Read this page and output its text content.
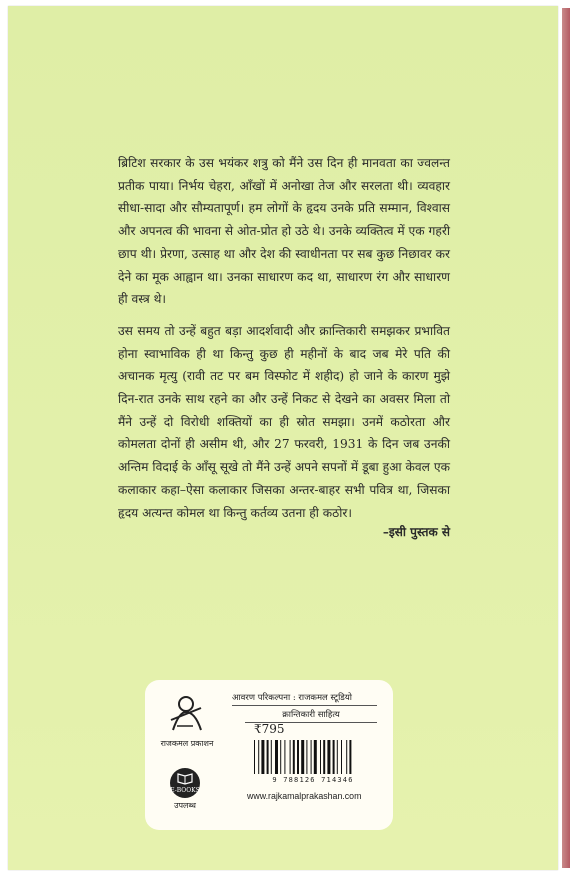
ब्रिटिश सरकार के उस भयंकर शत्रु को मैंने उस दिन ही मानवता का ज्वलन्त प्रतीक पाया। निर्भय चेहरा, आँखों में अनोखा तेज और सरलता थी। व्यवहार सीधा-सादा और सौम्यतापूर्ण। हम लोगों के हृदय उनके प्रति सम्मान, विश्वास और अपनत्व की भावना से ओत-प्रोत हो उठे थे। उनके व्यक्तित्व में एक गहरी छाप थी। प्रेरणा, उत्साह था और देश की स्वाधीनता पर सब कुछ निछावर कर देने का मूक आह्वान था। उनका साधारण कद था, साधारण रंग और साधारण ही वस्त्र थे।

उस समय तो उन्हें बहुत बड़ा आदर्शवादी और क्रान्तिकारी समझकर प्रभावित होना स्वाभाविक ही था किन्तु कुछ ही महीनों के बाद जब मेरे पति की अचानक मृत्यु (रावी तट पर बम विस्फोट में शहीद) हो जाने के कारण मुझे दिन-रात उनके साथ रहने का और उन्हें निकट से देखने का अवसर मिला तो मैंने उन्हें दो विरोधी शक्तियों का ही स्रोत समझा। उनमें कठोरता और कोमलता दोनों ही असीम थी, और 27 फरवरी, 1931 के दिन जब उनकी अन्तिम विदाई के आँसू सूखे तो मैंने उन्हें अपने सपनों में डूबा हुआ केवल एक कलाकार कहा–ऐसा कलाकार जिसका अन्तर-बाहर सभी पवित्र था, जिसका हृदय अत्यन्त कोमल था किन्तु कर्तव्य उतना ही कठोर।

–इसी पुस्तक से
राजकमल प्रकाशन
E-BOOKS
उपलब्ध
आवरण परिकल्पना : राजकमल स्टूडियो
क्रान्तिकारी साहित्य
₹795
9 788126 714346
www.rajkamalprakashan.com
